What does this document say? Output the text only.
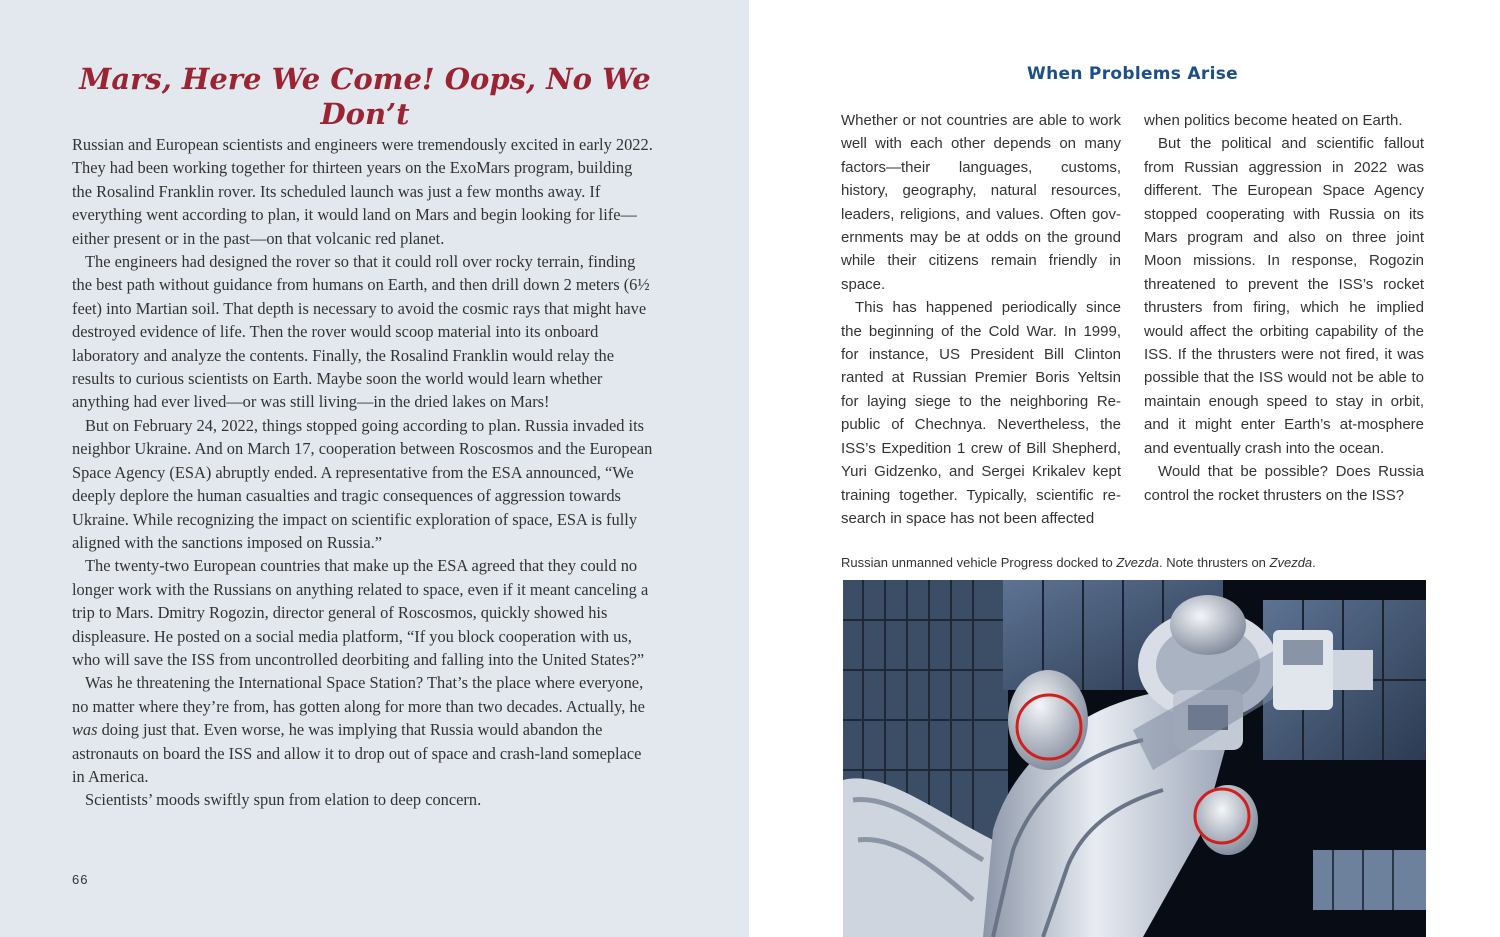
Mars, Here We Come! Oops, No We Don’t

Russian and European scientists and engineers were tremendously excited in early 2022. They had been working together for thirteen years on the ExoMars program, building the Rosalind Franklin rover. Its scheduled launch was just a few months away. If everything went according to plan, it would land on Mars and begin looking for life—either present or in the past—on that volcanic red planet.

The engineers had designed the rover so that it could roll over rocky terrain, finding the best path without guidance from humans on Earth, and then drill down 2 meters (6½ feet) into Martian soil. That depth is necessary to avoid the cosmic rays that might have destroyed evidence of life. Then the rover would scoop material into its onboard laboratory and analyze the contents. Finally, the Rosalind Franklin would relay the results to curious scientists on Earth. Maybe soon the world would learn whether anything had ever lived—or was still living—in the dried lakes on Mars!

But on February 24, 2022, things stopped going according to plan. Russia invaded its neighbor Ukraine. And on March 17, cooperation between Roscosmos and the European Space Agency (ESA) abruptly ended. A representative from the ESA announced, “We deeply deplore the human casualties and tragic consequences of aggression towards Ukraine. While recognizing the impact on scientific exploration of space, ESA is fully aligned with the sanctions imposed on Russia.”

The twenty-two European countries that make up the ESA agreed that they could no longer work with the Russians on anything related to space, even if it meant canceling a trip to Mars. Dmitry Rogozin, director general of Roscosmos, quickly showed his displeasure. He posted on a social media platform, “If you block cooperation with us, who will save the ISS from uncontrolled deorbiting and falling into the United States?”

Was he threatening the International Space Station? That’s the place where everyone, no matter where they’re from, has gotten along for more than two decades. Actually, he was doing just that. Even worse, he was implying that Russia would abandon the astronauts on board the ISS and allow it to drop out of space and crash-land someplace in America.

Scientists’ moods swiftly spun from elation to deep concern.

66
When Problems Arise

Whether or not countries are able to work well with each other depends on many factors—their languages, customs, history, geography, natural resources, leaders, religions, and values. Often gov-ernments may be at odds on the ground while their citizens remain friendly in space.

This has happened periodically since the beginning of the Cold War. In 1999, for instance, US President Bill Clinton ranted at Russian Premier Boris Yeltsin for laying siege to the neighboring Re-public of Chechnya. Nevertheless, the ISS’s Expedition 1 crew of Bill Shepherd, Yuri Gidzenko, and Sergei Krikalev kept training together. Typically, scientific re-search in space has not been affected

when politics become heated on Earth.

But the political and scientific fallout from Russian aggression in 2022 was different. The European Space Agency stopped cooperating with Russia on its Mars program and also on three joint Moon missions. In response, Rogozin threatened to prevent the ISS’s rocket thrusters from firing, which he implied would affect the orbiting capability of the ISS. If the thrusters were not fired, it was possible that the ISS would not be able to maintain enough speed to stay in orbit, and it might enter Earth’s at-mosphere and eventually crash into the ocean.

Would that be possible? Does Russia control the rocket thrusters on the ISS?

Russian unmanned vehicle Progress docked to Zvezda. Note thrusters on Zvezda.
